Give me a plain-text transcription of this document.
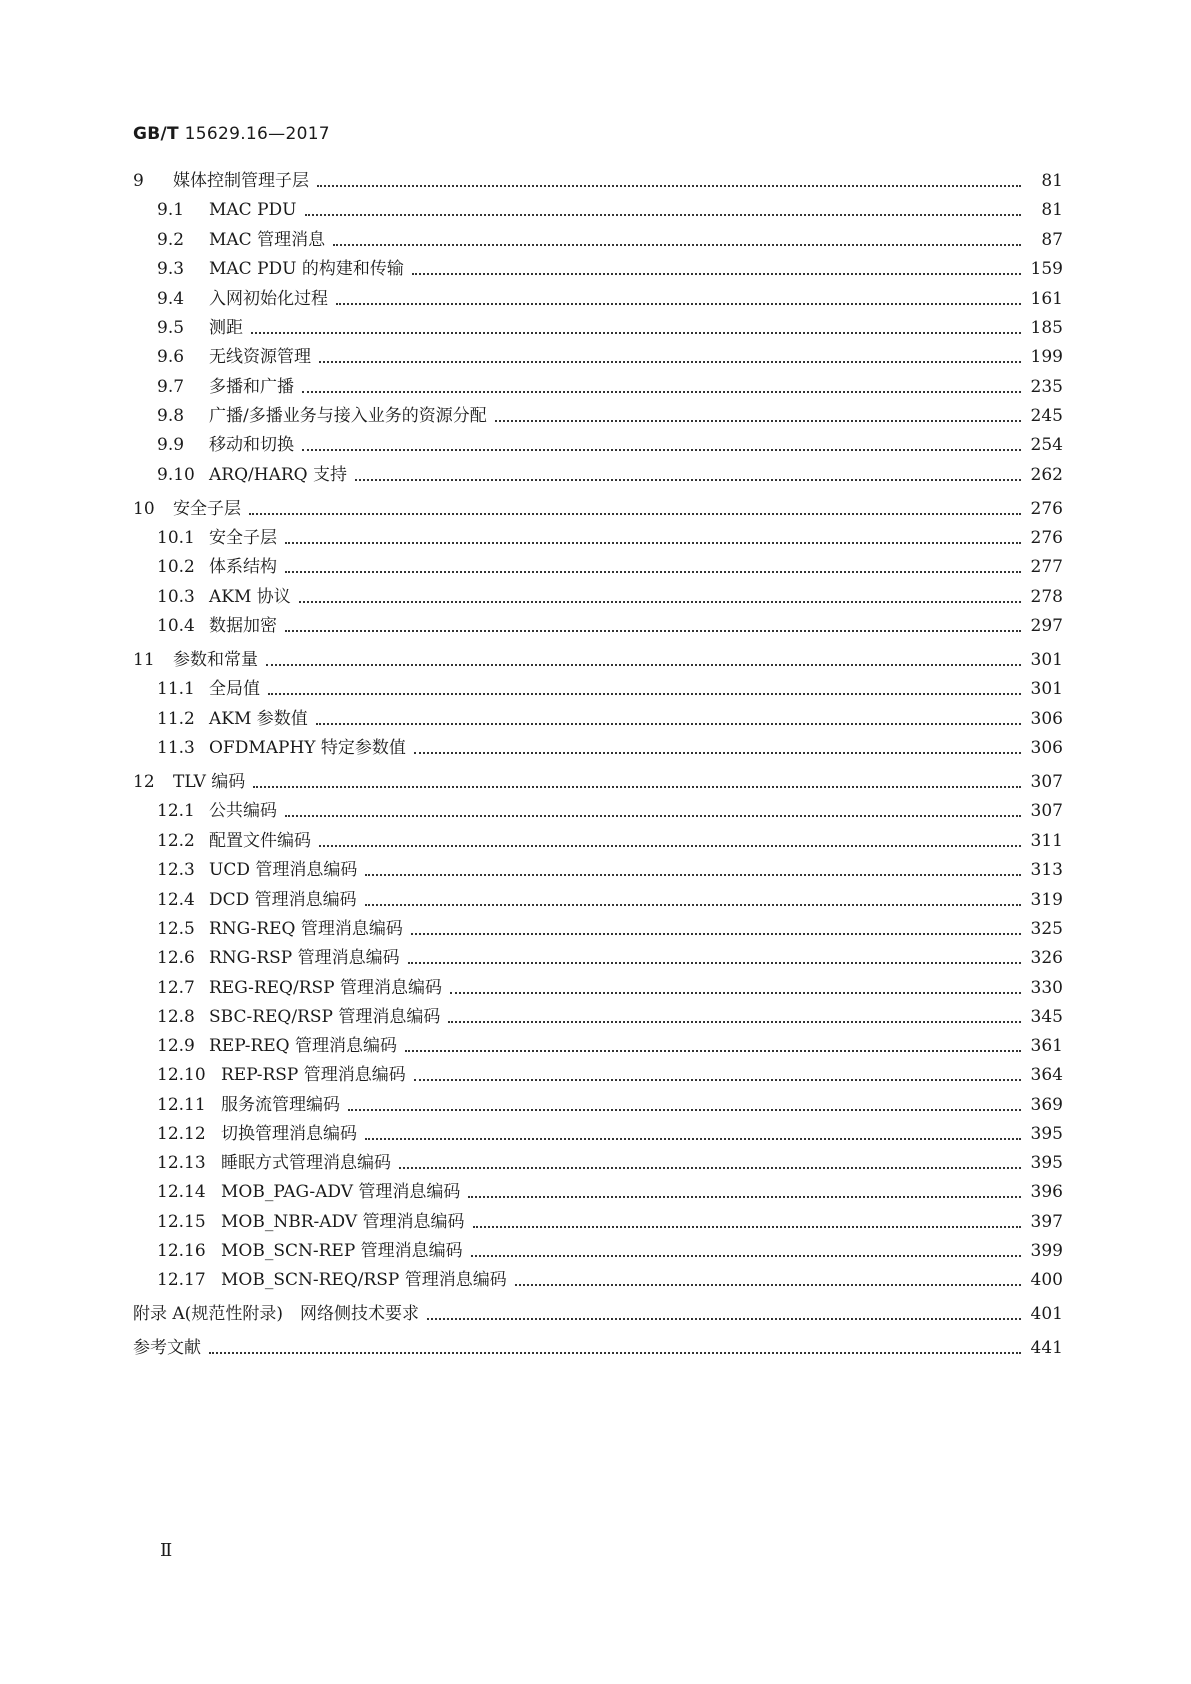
GB/T 15629.16—2017
9	媒体控制管理子层	81
9.1	MAC PDU	81
9.2	MAC 管理消息	87
9.3	MAC PDU 的构建和传输	159
9.4	入网初始化过程	161
9.5	测距	185
9.6	无线资源管理	199
9.7	多播和广播	235
9.8	广播/多播业务与接入业务的资源分配	245
9.9	移动和切换	254
9.10 ARQ/HARQ 支持	262
10	安全子层	276
10.1 安全子层	276
10.2 体系结构	277
10.3 AKM 协议	278
10.4 数据加密	297
11	参数和常量	301
11.1 全局值	301
11.2 AKM 参数值	306
11.3 OFDMAPHY 特定参数值	306
12	TLV 编码	307
12.1 公共编码	307
12.2 配置文件编码	311
12.3 UCD 管理消息编码	313
12.4 DCD 管理消息编码	319
12.5 RNG-REQ 管理消息编码	325
12.6 RNG-RSP 管理消息编码	326
12.7 REG-REQ/RSP 管理消息编码	330
12.8 SBC-REQ/RSP 管理消息编码	345
12.9 REP-REQ 管理消息编码	361
12.10 REP-RSP 管理消息编码	364
12.11 服务流管理编码	369
12.12 切换管理消息编码	395
12.13 睡眠方式管理消息编码	395
12.14 MOB_PAG-ADV 管理消息编码	396
12.15 MOB_NBR-ADV 管理消息编码	397
12.16 MOB_SCN-REP 管理消息编码	399
12.17 MOB_SCN-REQ/RSP 管理消息编码	400
附录 A(规范性附录)　网络侧技术要求	401
参考文献	441
Ⅱ
